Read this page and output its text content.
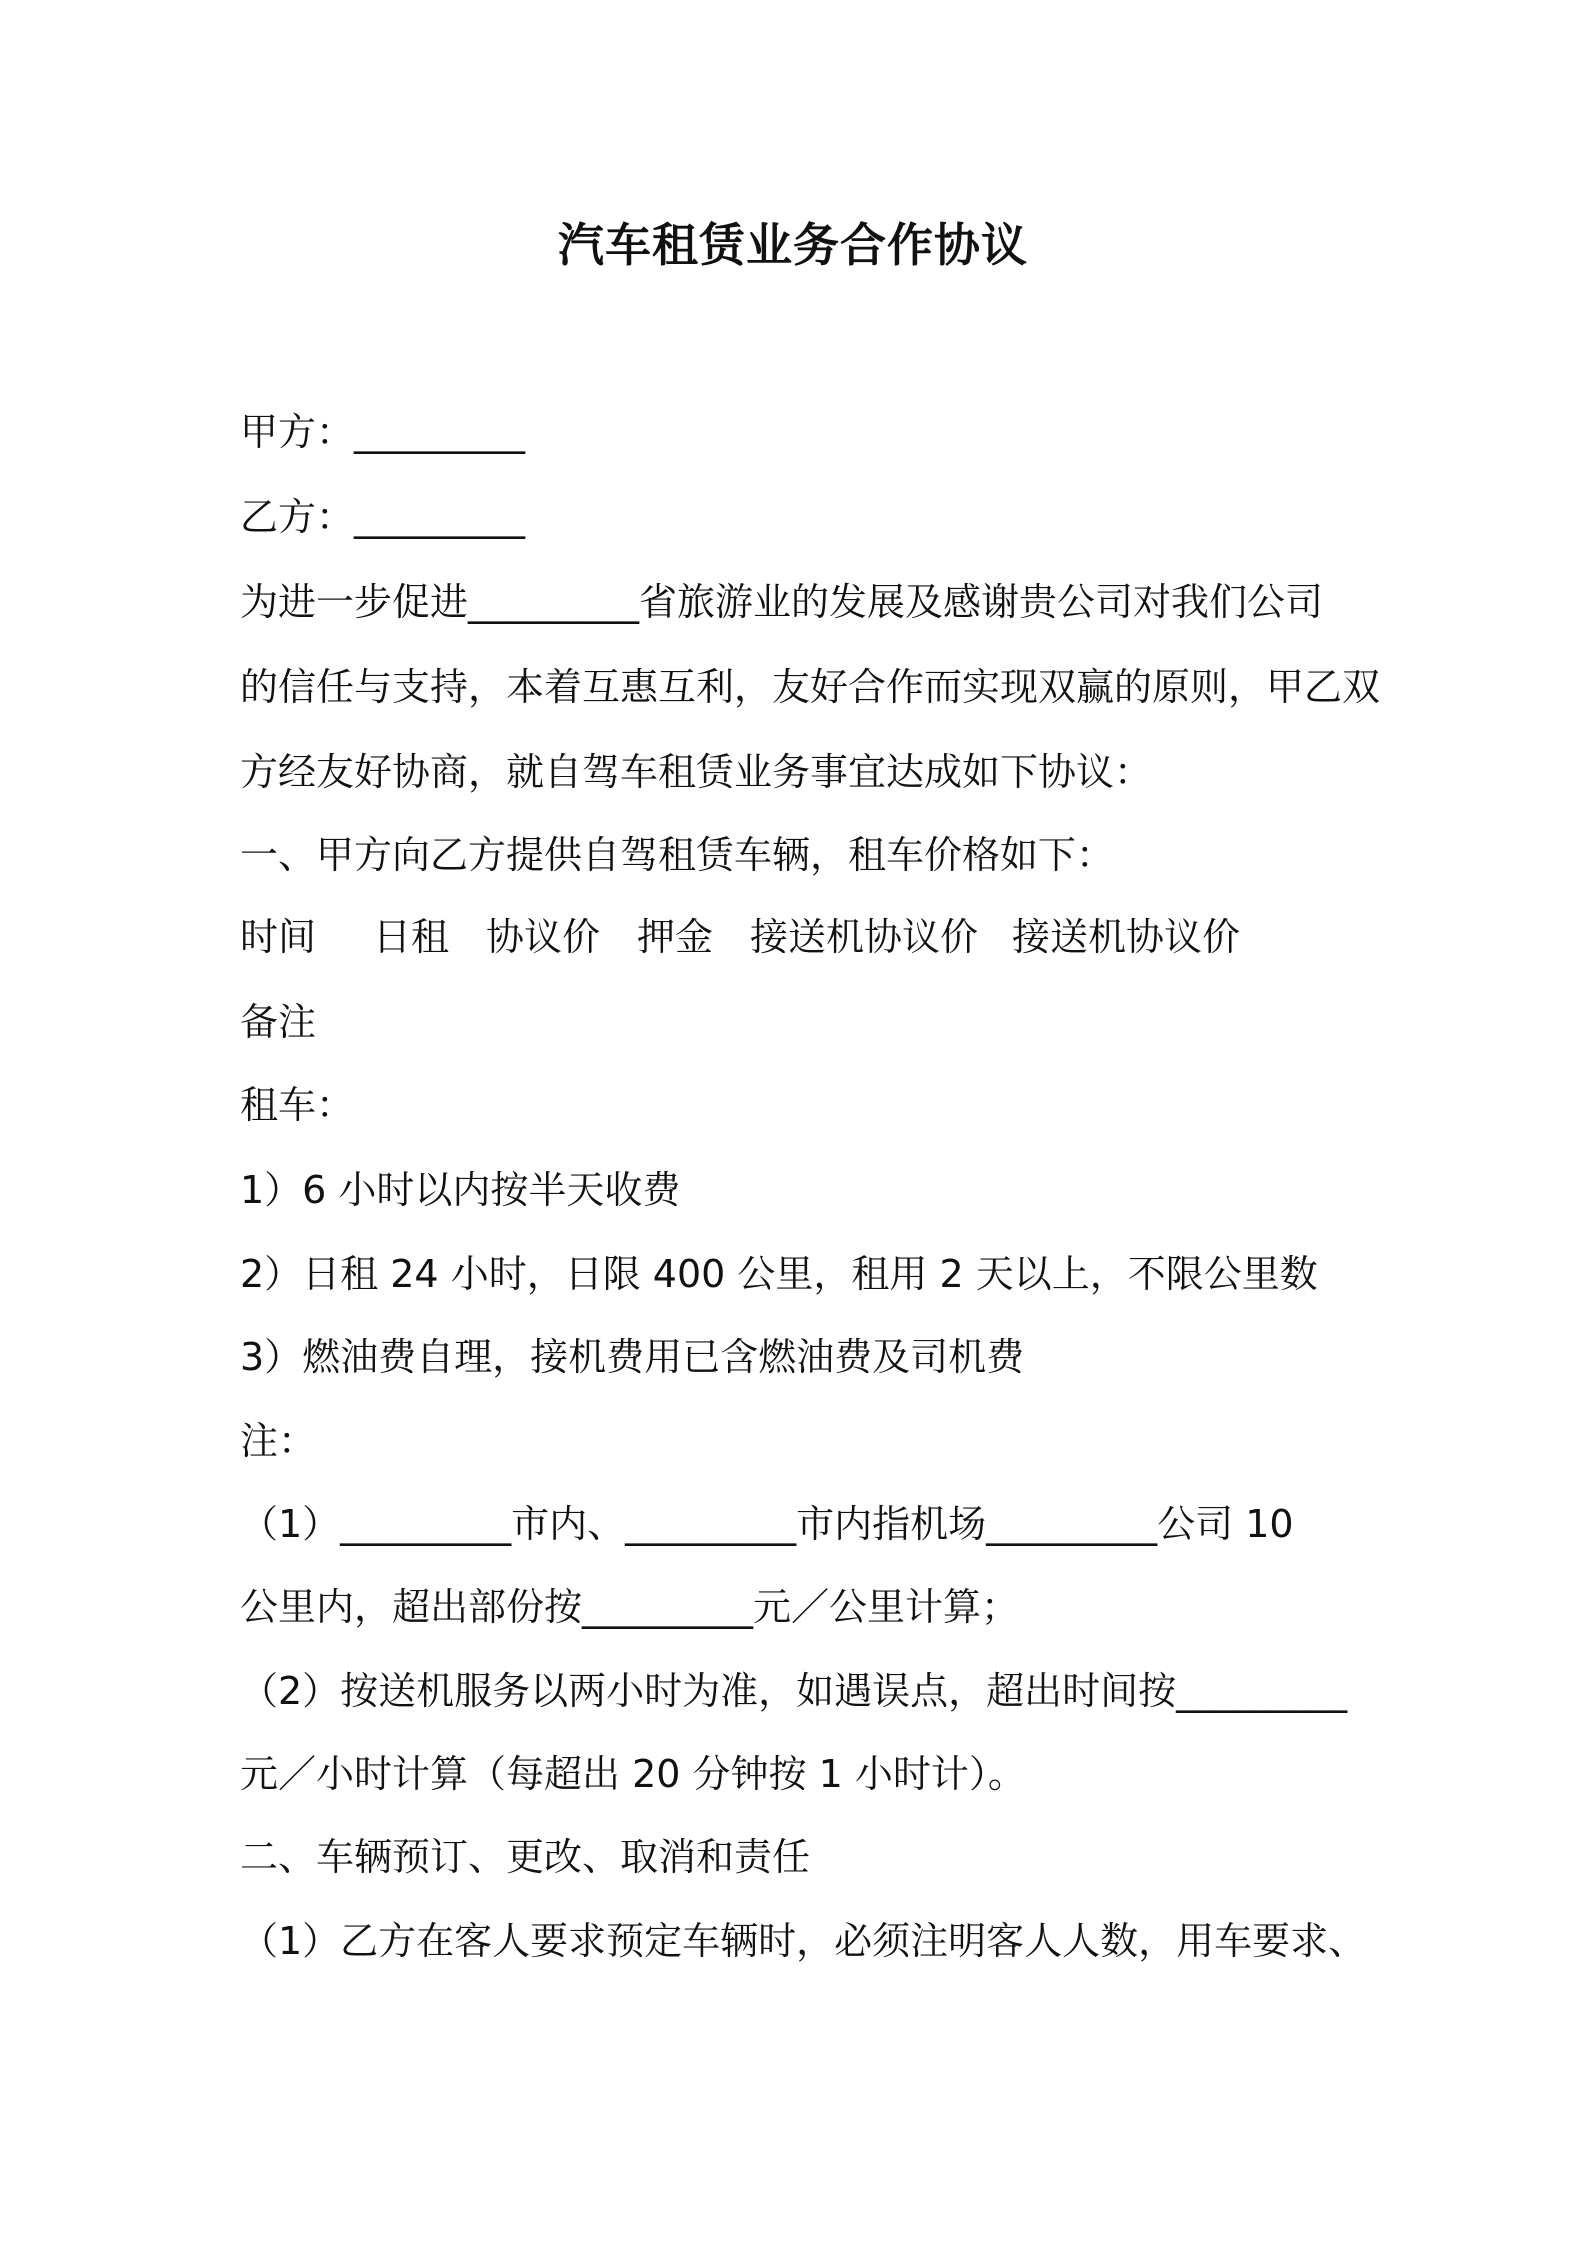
汽车租赁业务合作协议
甲方：_________
乙方：_________
为进一步促进_________省旅游业的发展及感谢贵公司对我们公司
的信任与支持，本着互惠互利，友好合作而实现双赢的原则，甲乙双
方经友好协商，就自驾车租赁业务事宜达成如下协议：
一、甲方向乙方提供自驾租赁车辆，租车价格如下：
时间 日租 协议价 押金 接送机协议价 接送机协议价
备注
租车：
1）6 小时以内按半天收费
2）日租 24 小时，日限 400 公里，租用 2 天以上，不限公里数
3）燃油费自理，接机费用已含燃油费及司机费
注：
（1）_________市内、_________市内指机场_________公司 10
公里内，超出部份按_________元／公里计算；
（2）按送机服务以两小时为准，如遇误点，超出时间按_________
元／小时计算（每超出 20 分钟按 1 小时计）。
二、车辆预订、更改、取消和责任
（1）乙方在客人要求预定车辆时，必须注明客人人数，用车要求、
